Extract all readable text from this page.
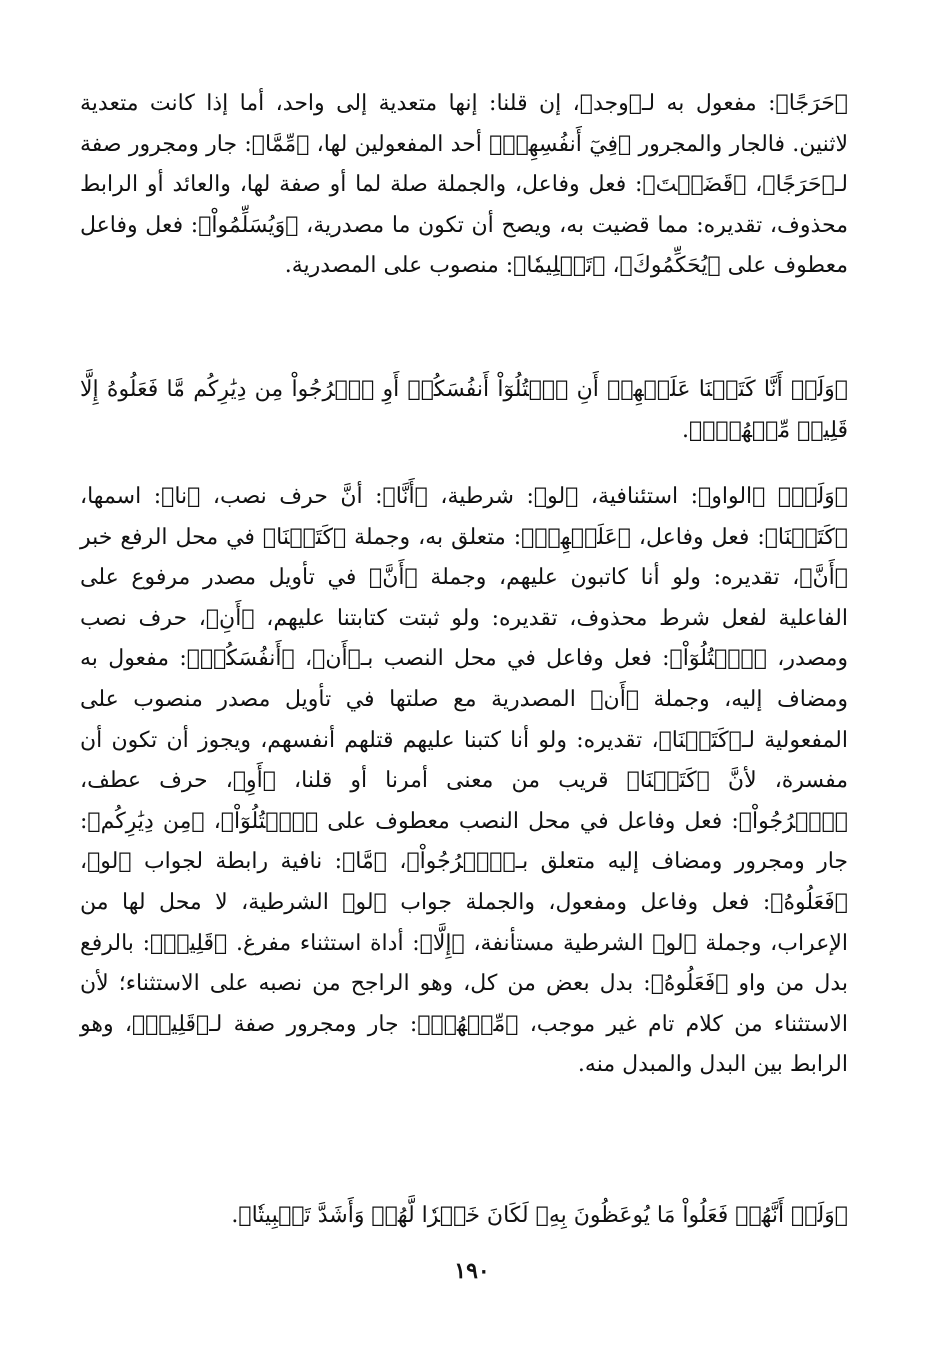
﴿حَرَجًا﴾: مفعول به لـ﴿وجد﴾، إن قلنا: إنها متعدية إلى واحد، أما إذا كانت متعدية لاثنين. فالجار والمجرور ﴿فِيٓ أَنفُسِهِمۡ﴾ أحد المفعولين لها، ﴿مِّمَّا﴾: جار ومجرور صفة لـ﴿حَرَجًا﴾، ﴿قَضَيۡتَ﴾: فعل وفاعل، والجملة صلة لما أو صفة لها، والعائد أو الرابط محذوف، تقديره: مما قضيت به، ويصح أن تكون ما مصدرية، ﴿وَيُسَلِّمُواْ﴾: فعل وفاعل معطوف على ﴿يُحَكِّمُوكَ﴾، ﴿تَسۡلِيمٗا﴾: منصوب على المصدرية.

﴿وَلَوۡ أَنَّا كَتَبۡنَا عَلَيۡهِمۡ أَنِ ٱقۡتُلُوٓاْ أَنفُسَكُمۡ أَوِ ٱخۡرُجُواْ مِن دِيَٰرِكُم مَّا فَعَلُوهُ إِلَّا قَلِيلٞ مِّنۡهُمۡۖ﴾.

﴿وَلَوۡ﴾ ﴿الواو﴾: استئنافية، ﴿لو﴾: شرطية، ﴿أَنَّا﴾: أنَّ حرف نصب، ﴿نا﴾: اسمها، ﴿كَتَبۡنَا﴾: فعل وفاعل، ﴿عَلَيۡهِمۡ﴾: متعلق به، وجملة ﴿كَتَبۡنَا﴾ في محل الرفع خبر ﴿أَنَّ﴾، تقديره: ولو أنا كاتبون عليهم، وجملة ﴿أَنَّ﴾ في تأويل مصدر مرفوع على الفاعلية لفعل شرط محذوف، تقديره: ولو ثبتت كتابتنا عليهم، ﴿أَنِ﴾، حرف نصب ومصدر، ﴿ٱقۡتُلُوٓاْ﴾: فعل وفاعل في محل النصب بـ﴿أَن﴾، ﴿أَنفُسَكُمۡ﴾: مفعول به ومضاف إليه، وجملة ﴿أَن﴾ المصدرية مع صلتها في تأويل مصدر منصوب على المفعولية لـ﴿كَتَبۡنَا﴾، تقديره: ولو أنا كتبنا عليهم قتلهم أنفسهم، ويجوز أن تكون أن مفسرة، لأنَّ ﴿كَتَبۡنَا﴾ قريب من معنى أمرنا أو قلنا، ﴿أَوِ﴾، حرف عطف، ﴿ٱخۡرُجُواْ﴾: فعل وفاعل في محل النصب معطوف على ﴿ٱقۡتُلُوٓاْ﴾، ﴿مِن دِيَٰرِكُم﴾: جار ومجرور ومضاف إليه متعلق بـ﴿ٱخۡرُجُواْ﴾، ﴿مَّا﴾: نافية رابطة لجواب ﴿لو﴾، ﴿فَعَلُوهُ﴾: فعل وفاعل ومفعول، والجملة جواب ﴿لو﴾ الشرطية، لا محل لها من الإعراب، وجملة ﴿لو﴾ الشرطية مستأنفة، ﴿إِلَّا﴾: أداة استثناء مفرغ. ﴿قَلِيلٞ﴾: بالرفع بدل من واو ﴿فَعَلُوهُ﴾: بدل بعض من كل، وهو الراجح من نصبه على الاستثناء؛ لأن الاستثناء من كلام تام غير موجب، ﴿مِّنۡهُمۡ﴾: جار ومجرور صفة لـ﴿قَلِيلٞ﴾، وهو الرابط بين البدل والمبدل منه.

﴿وَلَوۡ أَنَّهُمۡ فَعَلُواْ مَا يُوعَظُونَ بِهِۦ لَكَانَ خَيۡرٗا لَّهُمۡ وَأَشَدَّ تَثۡبِيتٗا﴾.

١٩٠
